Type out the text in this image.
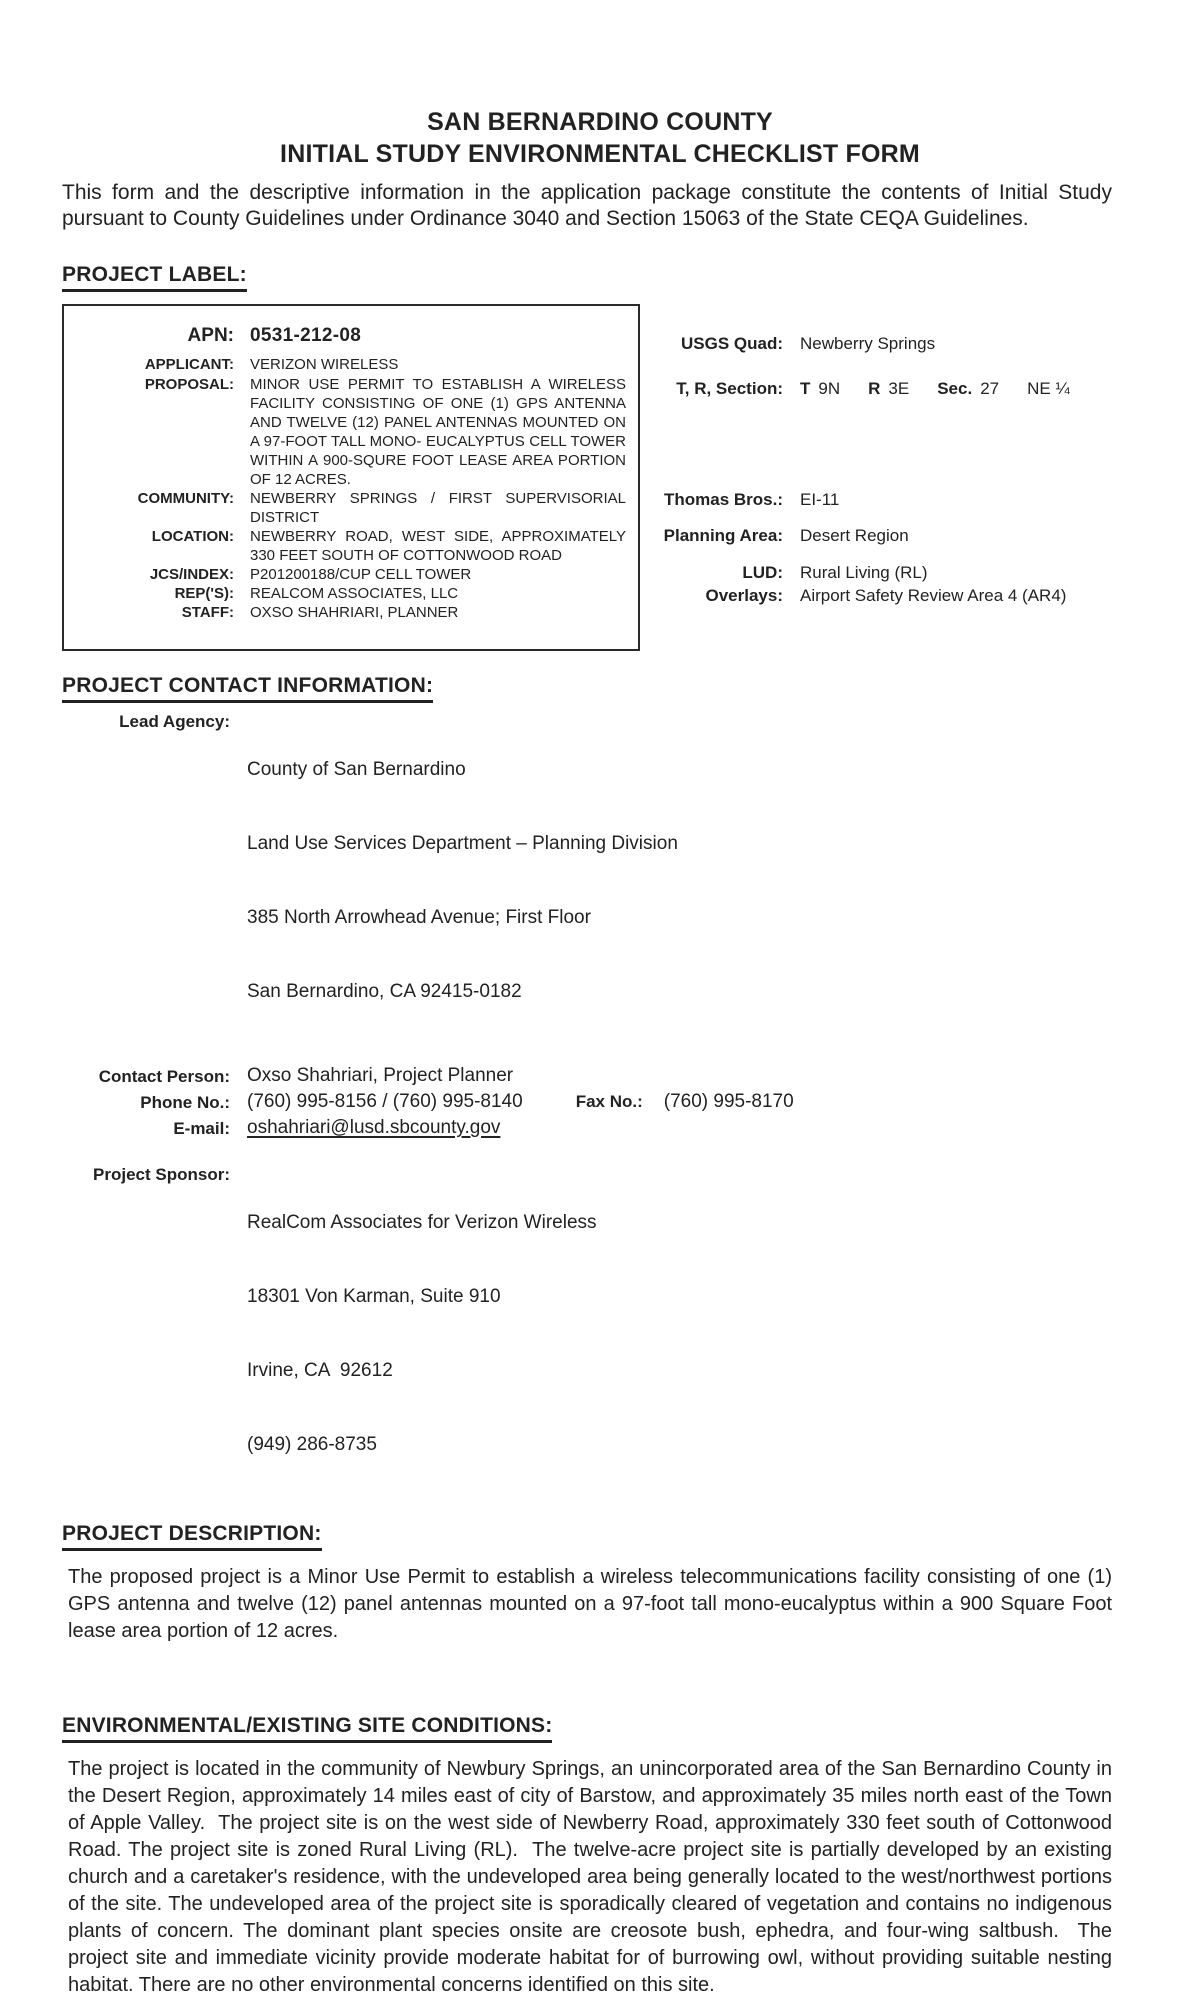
SAN BERNARDINO COUNTY
INITIAL STUDY ENVIRONMENTAL CHECKLIST FORM

This form and the descriptive information in the application package constitute the contents of Initial Study pursuant to County Guidelines under Ordinance 3040 and Section 15063 of the State CEQA Guidelines.

PROJECT LABEL:
APN: 0531-212-08
APPLICANT: VERIZON WIRELESS
PROPOSAL: MINOR USE PERMIT TO ESTABLISH A WIRELESS FACILITY CONSISTING OF ONE (1) GPS ANTENNA AND TWELVE (12) PANEL ANTENNAS MOUNTED ON A 97-FOOT TALL MONO- EUCALYPTUS CELL TOWER WITHIN A 900-SQURE FOOT LEASE AREA PORTION OF 12 ACRES.
COMMUNITY: NEWBERRY SPRINGS / FIRST SUPERVISORIAL DISTRICT
LOCATION: NEWBERRY ROAD, WEST SIDE, APPROXIMATELY 330 FEET SOUTH OF COTTONWOOD ROAD
JCS/INDEX: P201200188/CUP CELL TOWER
REP('S): REALCOM ASSOCIATES, LLC
STAFF: OXSO SHAHRIARI, PLANNER
USGS Quad: Newberry Springs
T, R, Section: T 9N R 3E Sec. 27 NE ¼
Thomas Bros.: EI-11
Planning Area: Desert Region
LUD: Rural Living (RL)
Overlays: Airport Safety Review Area 4 (AR4)
PROJECT CONTACT INFORMATION:
Lead Agency:

County of San Bernardino

Land Use Services Department – Planning Division

385 North Arrowhead Avenue; First Floor

San Bernardino, CA 92415-0182

Contact Person: Oxso Shahriari, Project Planner
Phone No.: (760) 995-8156 / (760) 995-8140	Fax No.: (760) 995-8170
E-mail: oshahriari@lusd.sbcounty.gov
Project Sponsor:

RealCom Associates for Verizon Wireless

18301 Von Karman, Suite 910

Irvine, CA  92612

(949) 286-8735

PROJECT DESCRIPTION:

The proposed project is a Minor Use Permit to establish a wireless telecommunications facility consisting of one (1) GPS antenna and twelve (12) panel antennas mounted on a 97-foot tall mono-eucalyptus within a 900 Square Foot lease area portion of 12 acres.

ENVIRONMENTAL/EXISTING SITE CONDITIONS:

The project is located in the community of Newbury Springs, an unincorporated area of the San Bernardino County in the Desert Region, approximately 14 miles east of city of Barstow, and approximately 35 miles north east of the Town of Apple Valley.  The project site is on the west side of Newberry Road, approximately 330 feet south of Cottonwood Road. The project site is zoned Rural Living (RL).  The twelve-acre project site is partially developed by an existing church and a caretaker's residence, with the undeveloped area being generally located to the west/northwest portions of the site. The undeveloped area of the project site is sporadically cleared of vegetation and contains no indigenous plants of concern. The dominant plant species onsite are creosote bush, ephedra, and four-wing saltbush.  The project site and immediate vicinity provide moderate habitat for of burrowing owl, without providing suitable nesting habitat. There are no other environmental concerns identified on this site.
